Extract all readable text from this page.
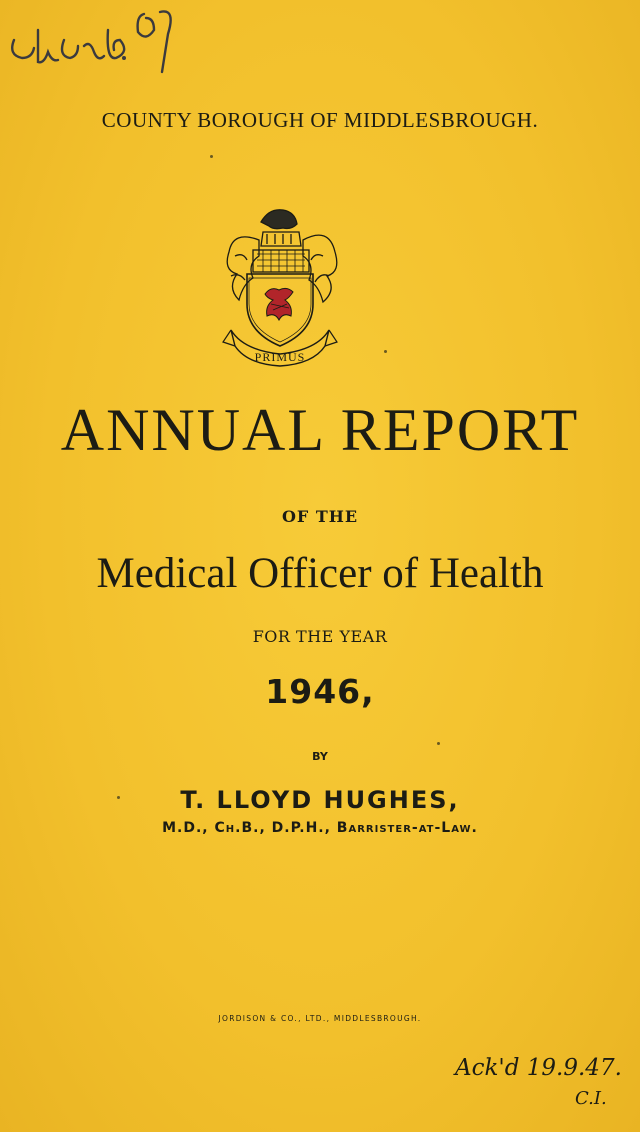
COUNTY BOROUGH OF MIDDLESBROUGH.
PRIMUS
ANNUAL REPORT
OF THE
Medical Officer of Health
FOR THE YEAR
1946,
BY
T. LLOYD HUGHES,
M.D., Ch.B., D.P.H., Barrister-at-Law.
JORDISON & CO., LTD., MIDDLESBROUGH.
Ack'd 19.9.47.
C.I.
